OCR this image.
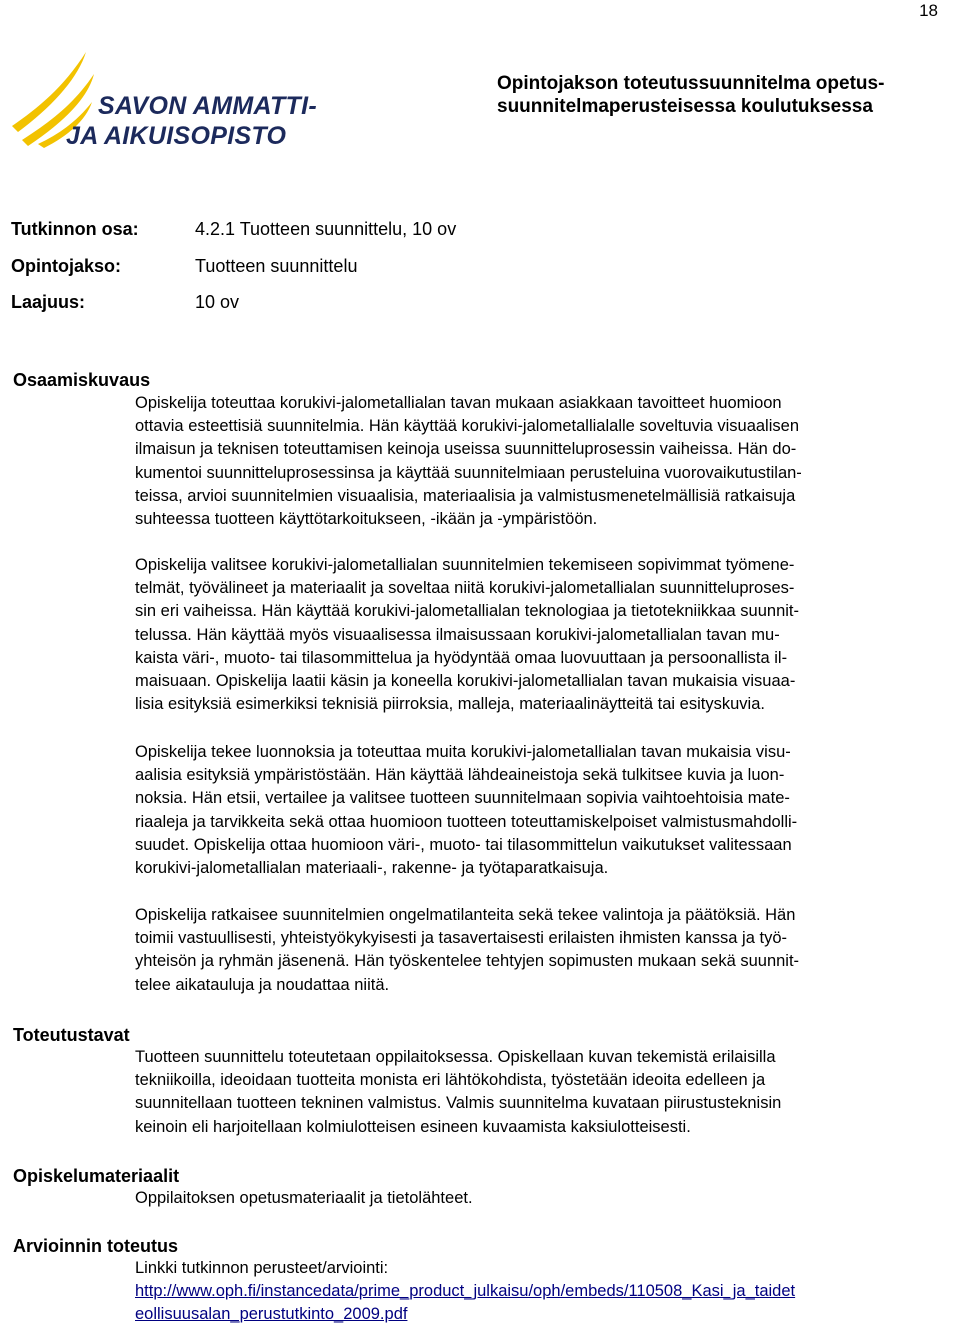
18
SAVON AMMATTI-
JA AIKUISOPISTO
Opintojakson toteutussuunnitelma opetus-
suunnitelmaperusteisessa koulutuksessa
Tutkinnon osa:	4.2.1 Tuotteen suunnittelu, 10 ov
Opintojakso:	Tuotteen suunnittelu
Laajuus:	10 ov
Osaamiskuvaus
Opiskelija toteuttaa korukivi-jalometallialan tavan mukaan asiakkaan tavoitteet huomioon
ottavia esteettisiä suunnitelmia. Hän käyttää korukivi-jalometallialalle soveltuvia visuaalisen
ilmaisun ja teknisen toteuttamisen keinoja useissa suunnitteluprosessin vaiheissa. Hän do-
kumentoi suunnitteluprosessinsa ja käyttää suunnitelmiaan perusteluina vuorovaikutustilan-
teissa, arvioi suunnitelmien visuaalisia, materiaalisia ja valmistusmenetelmällisiä ratkaisuja
suhteessa tuotteen käyttötarkoitukseen, -ikään ja -ympäristöön.
Opiskelija valitsee korukivi-jalometallialan suunnitelmien tekemiseen sopivimmat työmene-
telmät, työvälineet ja materiaalit ja soveltaa niitä korukivi-jalometallialan suunnitteluproses-
sin eri vaiheissa. Hän käyttää korukivi-jalometallialan teknologiaa ja tietotekniikkaa suunnit-
telussa. Hän käyttää myös visuaalisessa ilmaisussaan korukivi-jalometallialan tavan mu-
kaista väri-, muoto- tai tilasommittelua ja hyödyntää omaa luovuuttaan ja persoonallista il-
maisuaan. Opiskelija laatii käsin ja koneella korukivi-jalometallialan tavan mukaisia visuaa-
lisia esityksiä esimerkiksi teknisiä piirroksia, malleja, materiaalinäytteitä tai esityskuvia.
Opiskelija tekee luonnoksia ja toteuttaa muita korukivi-jalometallialan tavan mukaisia visu-
aalisia esityksiä ympäristöstään. Hän käyttää lähdeaineistoja sekä tulkitsee kuvia ja luon-
noksia. Hän etsii, vertailee ja valitsee tuotteen suunnitelmaan sopivia vaihtoehtoisia mate-
riaaleja ja tarvikkeita sekä ottaa huomioon tuotteen toteuttamiskelpoiset valmistusmahdolli-
suudet. Opiskelija ottaa huomioon väri-, muoto- tai tilasommittelun vaikutukset valitessaan
korukivi-jalometallialan materiaali-, rakenne- ja työtaparatkaisuja.
Opiskelija ratkaisee suunnitelmien ongelmatilanteita sekä tekee valintoja ja päätöksiä. Hän
toimii vastuullisesti, yhteistyökykyisesti ja tasavertaisesti erilaisten ihmisten kanssa ja työ-
yhteisön ja ryhmän jäsenenä. Hän työskentelee tehtyjen sopimusten mukaan sekä suunnit-
telee aikatauluja ja noudattaa niitä.
Toteutustavat
Tuotteen suunnittelu toteutetaan oppilaitoksessa. Opiskellaan kuvan tekemistä erilaisilla
tekniikoilla, ideoidaan tuotteita monista eri lähtökohdista, työstetään ideoita edelleen ja
suunnitellaan tuotteen tekninen valmistus. Valmis suunnitelma kuvataan piirustusteknisin
keinoin eli harjoitellaan kolmiulotteisen esineen kuvaamista kaksiulotteisesti.
Opiskelumateriaalit
Oppilaitoksen opetusmateriaalit ja tietolähteet.
Arvioinnin toteutus
Linkki tutkinnon perusteet/arviointi:
http://www.oph.fi/instancedata/prime_product_julkaisu/oph/embeds/110508_Kasi_ja_taidet
eollisuusalan_perustutkinto_2009.pdf
